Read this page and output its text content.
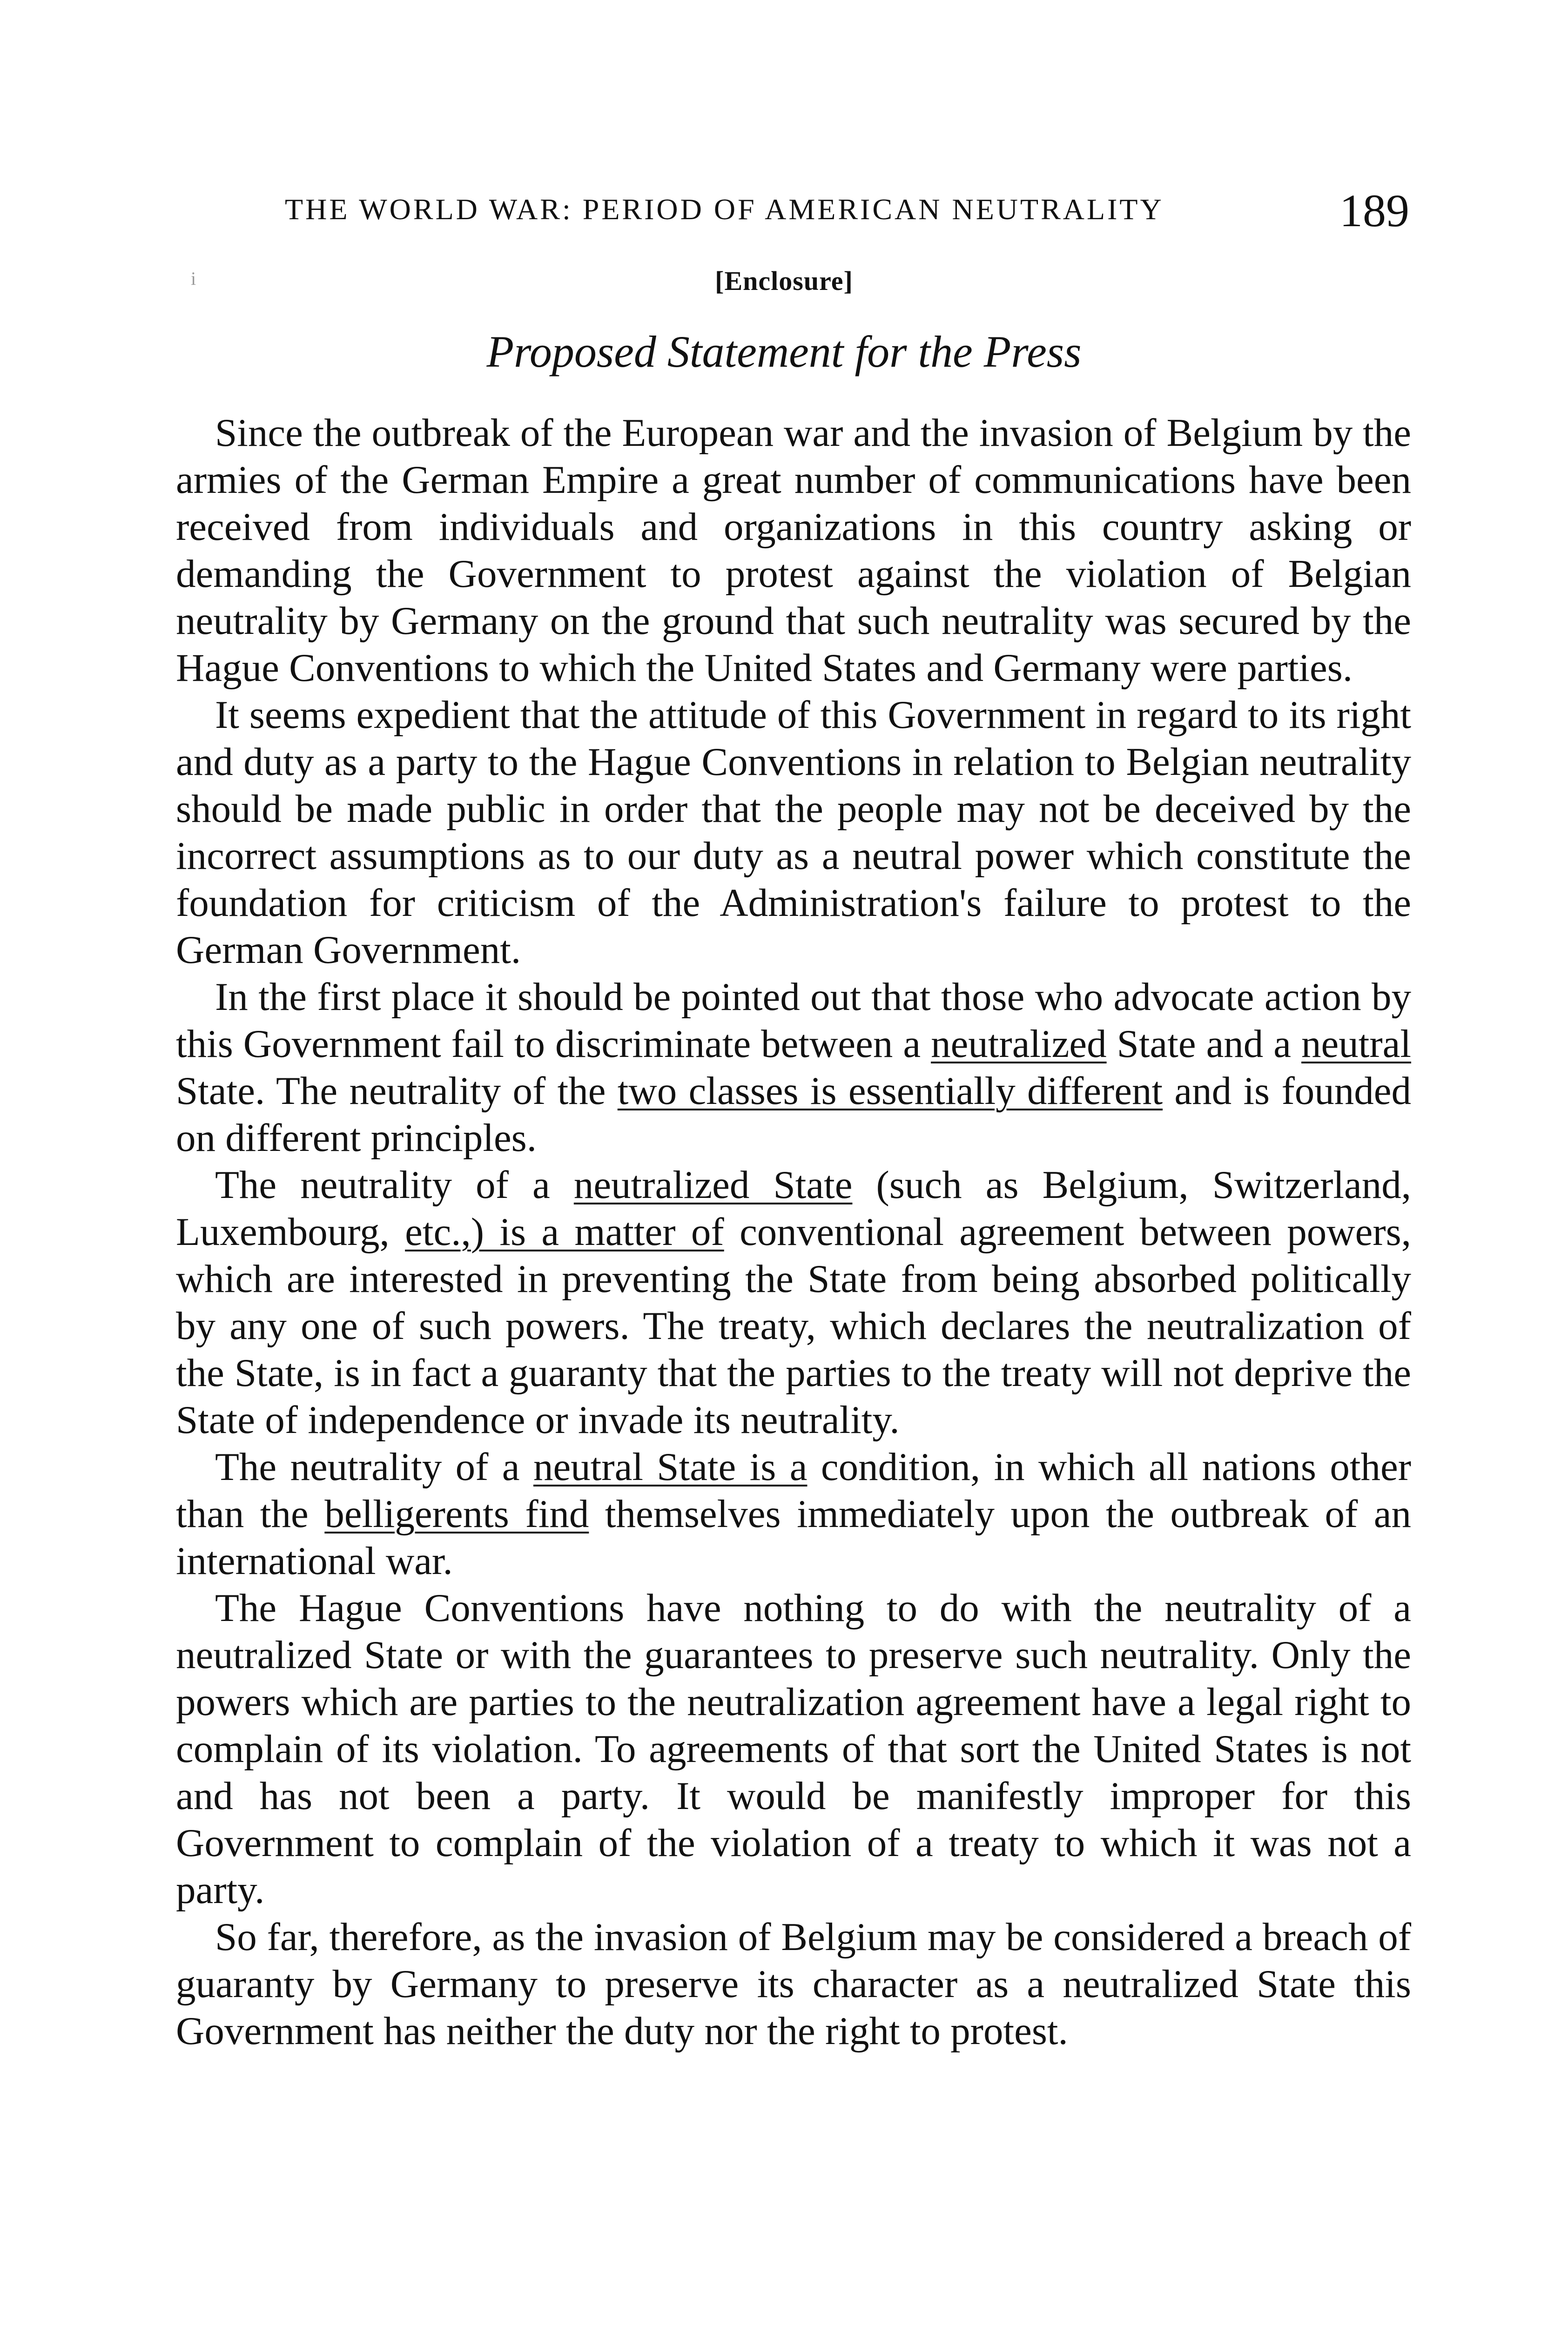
THE WORLD WAR: PERIOD OF AMERICAN NEUTRALITY	189
i	[Enclosure]
Proposed Statement for the Press

Since the outbreak of the European war and the invasion of Belgium by the armies of the German Empire a great number of communications have been received from individuals and organizations in this country asking or demanding the Government to protest against the violation of Belgian neutrality by Germany on the ground that such neutrality was secured by the Hague Conventions to which the United States and Germany were parties.

It seems expedient that the attitude of this Government in regard to its right and duty as a party to the Hague Conventions in relation to Belgian neutrality should be made public in order that the people may not be deceived by the incorrect assumptions as to our duty as a neutral power which constitute the foundation for criticism of the Administration's failure to protest to the German Government.

In the first place it should be pointed out that those who advocate action by this Government fail to discriminate between a neutralized State and a neutral State. The neutrality of the two classes is essentially different and is founded on different principles.

The neutrality of a neutralized State (such as Belgium, Switzerland, Luxembourg, etc.,) is a matter of conventional agreement between powers, which are interested in preventing the State from being absorbed politically by any one of such powers. The treaty, which declares the neutralization of the State, is in fact a guaranty that the parties to the treaty will not deprive the State of independence or invade its neutrality.

The neutrality of a neutral State is a condition, in which all nations other than the belligerents find themselves immediately upon the outbreak of an international war.

The Hague Conventions have nothing to do with the neutrality of a neutralized State or with the guarantees to preserve such neutrality. Only the powers which are parties to the neutralization agreement have a legal right to complain of its violation. To agreements of that sort the United States is not and has not been a party. It would be manifestly improper for this Government to complain of the violation of a treaty to which it was not a party.

So far, therefore, as the invasion of Belgium may be considered a breach of guaranty by Germany to preserve its character as a neutralized State this Government has neither the duty nor the right to protest.
